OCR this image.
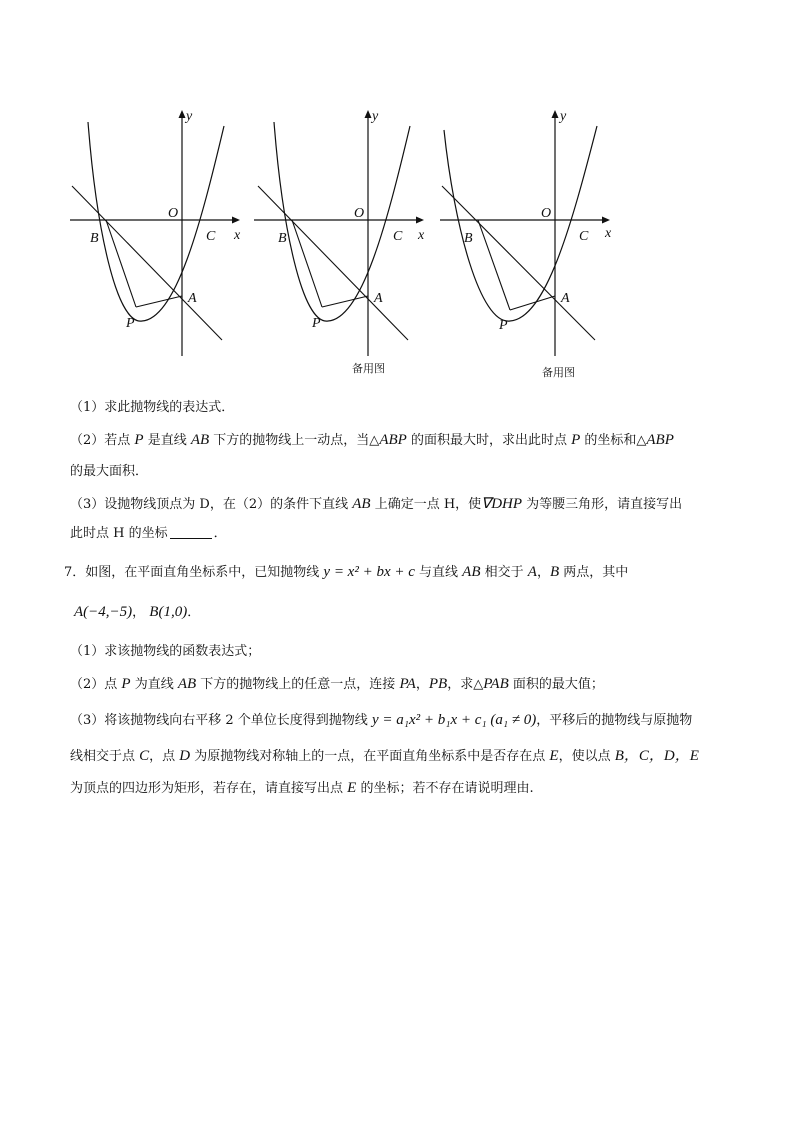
y
x
O
B	C
A
P
y
x
O
B	C
A
P
备用图
y
x
O
B	C
A
P
备用图
（1）求此抛物线的表达式．
（2）若点 P 是直线 AB 下方的抛物线上一动点，当△ABP 的面积最大时，求出此时点 P 的坐标和△ABP
的最大面积．
（3）设抛物线顶点为 D，在（2）的条件下直线 AB 上确定一点 H，使∇DHP 为等腰三角形，请直接写出
此时点 H 的坐标	．
7．如图，在平面直角坐标系中，已知抛物线 y = x² + bx + c 与直线 AB 相交于 A，B 两点，其中
A(−4,−5)， B(1,0)．
（1）求该抛物线的函数表达式；
（2）点 P 为直线 AB 下方的抛物线上的任意一点，连接 PA，PB，求△PAB 面积的最大值；
（3）将该抛物线向右平移 2 个单位长度得到抛物线 y = a₁x² + b₁x + c₁ (a₁ ≠ 0)，平移后的抛物线与原抛物
线相交于点 C，点 D 为原抛物线对称轴上的一点，在平面直角坐标系中是否存在点 E，使以点 B，C，D，E
为顶点的四边形为矩形，若存在，请直接写出点 E 的坐标；若不存在请说明理由.
